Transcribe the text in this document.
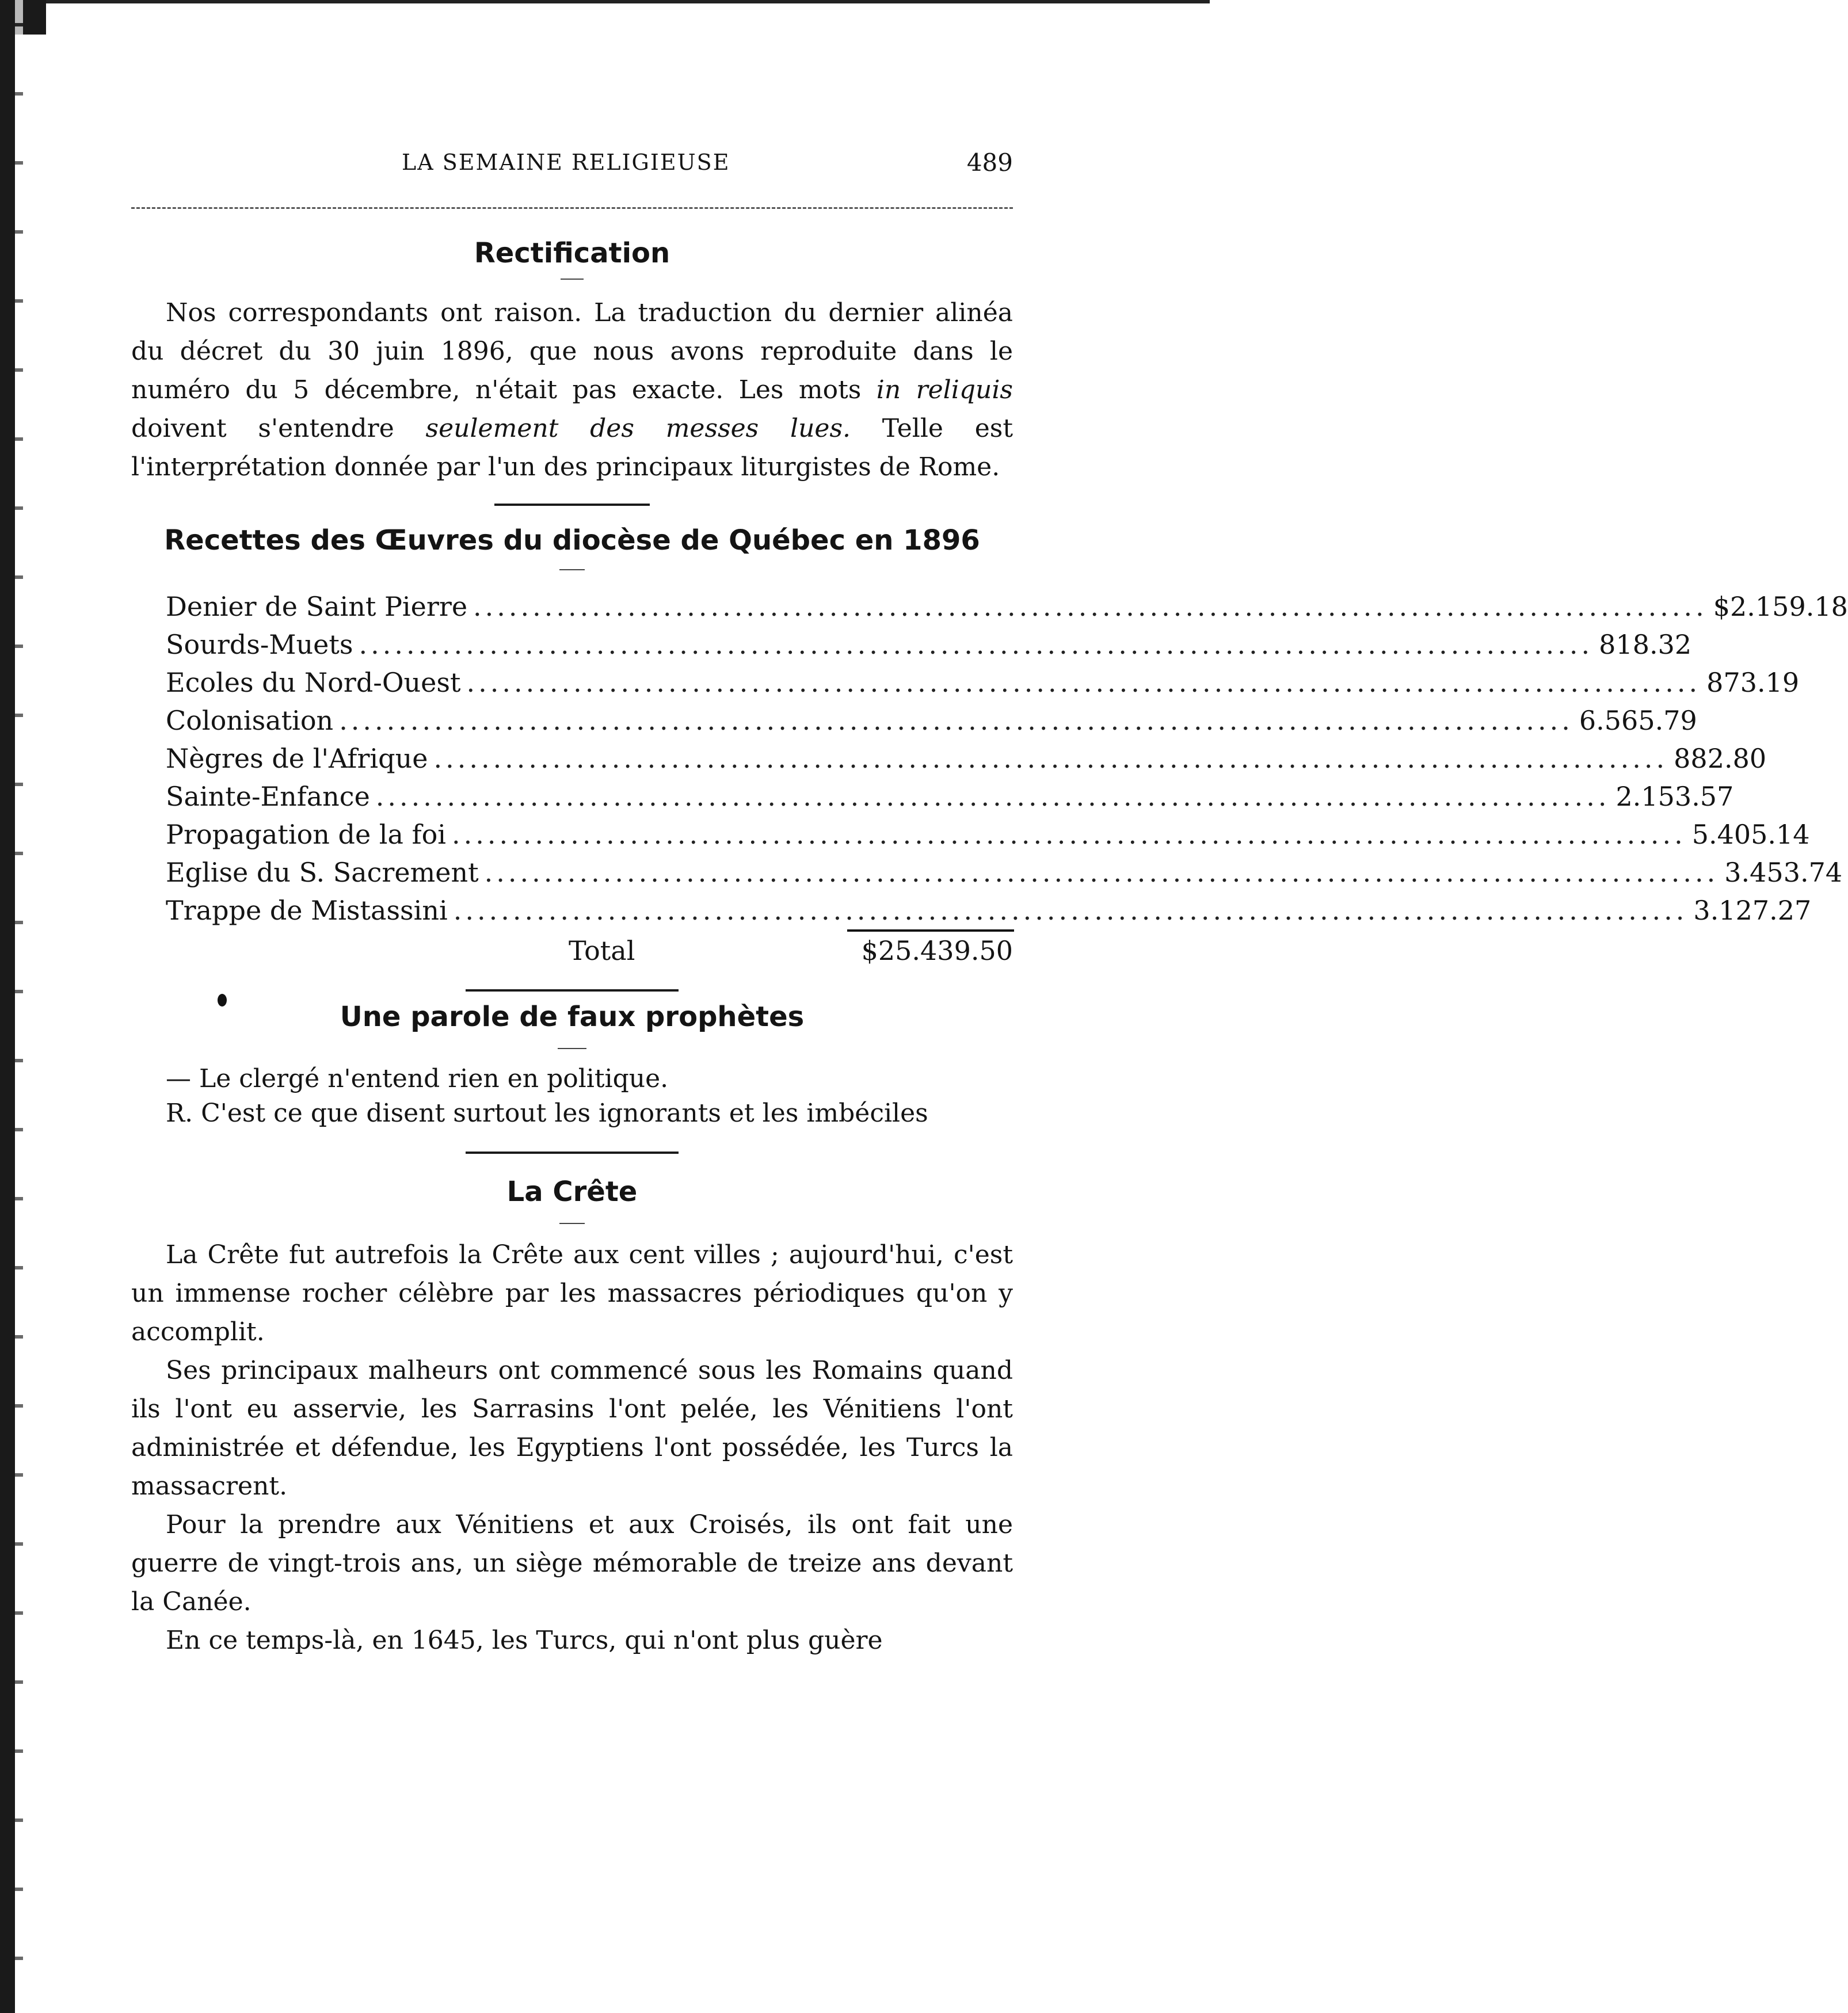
LA SEMAINE RELIGIEUSE	489
Rectification

Nos correspondants ont raison. La traduction du dernier alinéa du décret du 30 juin 1896, que nous avons reproduite dans le numéro du 5 décembre, n'était pas exacte. Les mots in reliquis doivent s'entendre seulement des messes lues. Telle est l'interprétation donnée par l'un des principaux liturgistes de Rome.

Recettes des Œuvres du diocèse de Québec en 1896
Denier de Saint Pierre ........................................................................................................ $2.159.18
Sourds-Muets ........................................................................................................ 818.32
Ecoles du Nord-Ouest ........................................................................................................ 873.19
Colonisation ........................................................................................................ 6.565.79
Nègres de l'Afrique ........................................................................................................ 882.80
Sainte-Enfance ........................................................................................................ 2.153.57
Propagation de la foi ........................................................................................................ 5.405.14
Eglise du S. Sacrement ........................................................................................................ 3.453.74
Trappe de Mistassini ........................................................................................................ 3.127.27
Total	$25.439.50
Une parole de faux prophètes

— Le clergé n'entend rien en politique.

R. C'est ce que disent surtout les ignorants et les imbéciles

La Crête

La Crête fut autrefois la Crête aux cent villes ; aujourd'hui, c'est un immense rocher célèbre par les massacres périodiques qu'on y accomplit.

Ses principaux malheurs ont commencé sous les Romains quand ils l'ont eu asservie, les Sarrasins l'ont pelée, les Vénitiens l'ont administrée et défendue, les Egyptiens l'ont possédée, les Turcs la massacrent.

Pour la prendre aux Vénitiens et aux Croisés, ils ont fait une guerre de vingt-trois ans, un siège mémorable de treize ans devant la Canée.

En ce temps-là, en 1645, les Turcs, qui n'ont plus guère
